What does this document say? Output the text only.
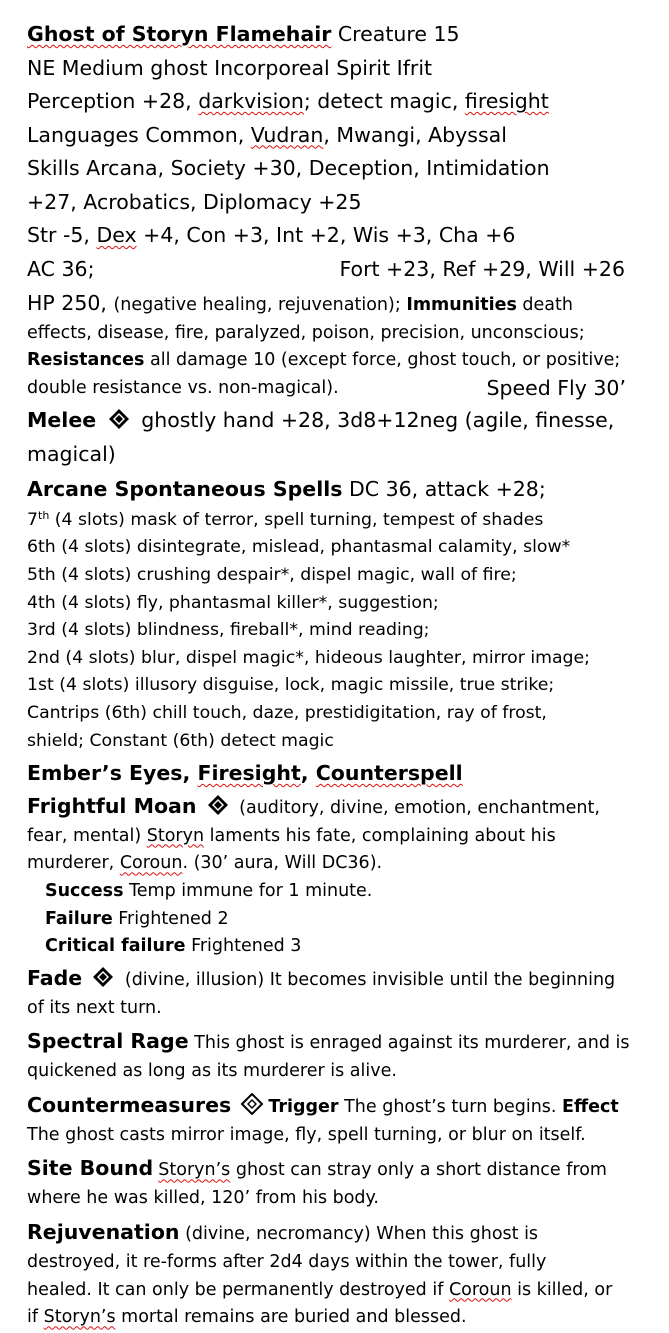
Ghost of Storyn Flamehair Creature 15
NE Medium ghost Incorporeal Spirit Ifrit
Perception +28, darkvision; detect magic, firesight
Languages Common, Vudran, Mwangi, Abyssal
Skills Arcana, Society +30, Deception, Intimidation
+27, Acrobatics, Diplomacy +25
Str -5, Dex +4, Con +3, Int +2, Wis +3, Cha +6
AC 36;	Fort +23, Ref +29, Will +26
HP 250, (negative healing, rejuvenation); Immunities death
effects, disease, fire, paralyzed, poison, precision, unconscious;
Resistances all damage 10 (except force, ghost touch, or positive;
double resistance vs. non-magical).	Speed Fly 30’
Melee
ghostly hand +28, 3d8+12neg (agile, finesse,
magical)
Arcane Spontaneous Spells DC 36, attack +28;
7th (4 slots) mask of terror, spell turning, tempest of shades
6th (4 slots) disintegrate, mislead, phantasmal calamity, slow*
5th (4 slots) crushing despair*, dispel magic, wall of fire;
4th (4 slots) fly, phantasmal killer*, suggestion;
3rd (4 slots) blindness, fireball*, mind reading;
2nd (4 slots) blur, dispel magic*, hideous laughter, mirror image;
1st (4 slots) illusory disguise, lock, magic missile, true strike;
Cantrips (6th) chill touch, daze, prestidigitation, ray of frost,
shield; Constant (6th) detect magic
Ember’s Eyes, Firesight, Counterspell
Frightful Moan
(auditory, divine, emotion, enchantment,
fear, mental) Storyn laments his fate, complaining about his
murderer, Coroun. (30’ aura, Will DC36).
Success Temp immune for 1 minute.
Failure Frightened 2
Critical failure Frightened 3
Fade
(divine, illusion) It becomes invisible until the beginning
of its next turn.
Spectral Rage This ghost is enraged against its murderer, and is
quickened as long as its murderer is alive.
Countermeasures Trigger The ghost’s turn begins. Effect
The ghost casts mirror image, fly, spell turning, or blur on itself.
Site Bound Storyn’s ghost can stray only a short distance from
where he was killed, 120’ from his body.
Rejuvenation (divine, necromancy) When this ghost is
destroyed, it re-forms after 2d4 days within the tower, fully
healed. It can only be permanently destroyed if Coroun is killed, or
if Storyn’s mortal remains are buried and blessed.
